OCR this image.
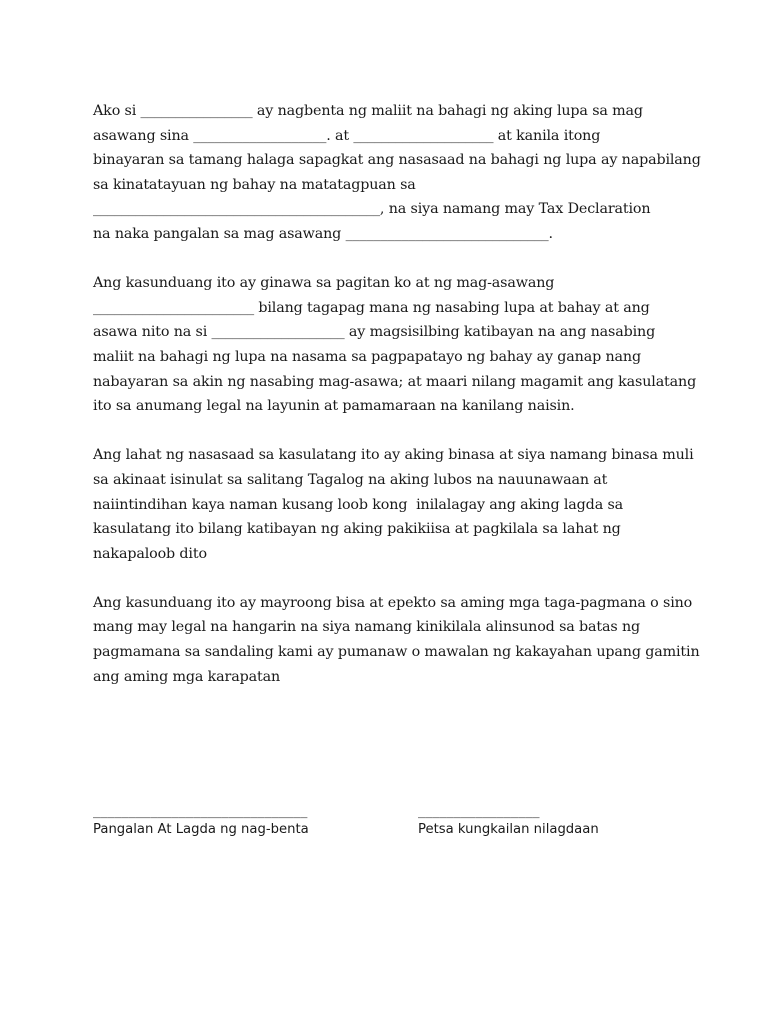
Ako si ________________ ay nagbenta ng maliit na bahagi ng aking lupa sa mag
asawang sina ___________________. at ____________________ at kanila itong
binayaran sa tamang halaga sapagkat ang nasasaad na bahagi ng lupa ay napabilang
sa kinatatayuan ng bahay na matatagpuan sa
_________________________________________, na siya namang may Tax Declaration
na naka pangalan sa mag asawang _____________________________.

Ang kasunduang ito ay ginawa sa pagitan ko at ng mag-asawang
_______________________ bilang tagapag mana ng nasabing lupa at bahay at ang
asawa nito na si ___________________ ay magsisilbing katibayan na ang nasabing
maliit na bahagi ng lupa na nasama sa pagpapatayo ng bahay ay ganap nang
nabayaran sa akin ng nasabing mag-asawa; at maari nilang magamit ang kasulatang
ito sa anumang legal na layunin at pamamaraan na kanilang naisin.

Ang lahat ng nasasaad sa kasulatang ito ay aking binasa at siya namang binasa muli
sa akinaat isinulat sa salitang Tagalog na aking lubos na nauunawaan at
naiintindihan kaya naman kusang loob kong  inilalagay ang aking lagda sa
kasulatang ito bilang katibayan ng aking pakikiisa at pagkilala sa lahat ng
nakapaloob dito

Ang kasunduang ito ay mayroong bisa at epekto sa aming mga taga-pagmana o sino
mang may legal na hangarin na siya namang kinikilala alinsunod sa batas ng
pagmamana sa sandaling kami ay pumanaw o mawalan ng kakayahan upang gamitin
ang aming mga karapatan

______________________________
Pangalan At Lagda ng nag-benta
_________________
Petsa kungkailan nilagdaan
